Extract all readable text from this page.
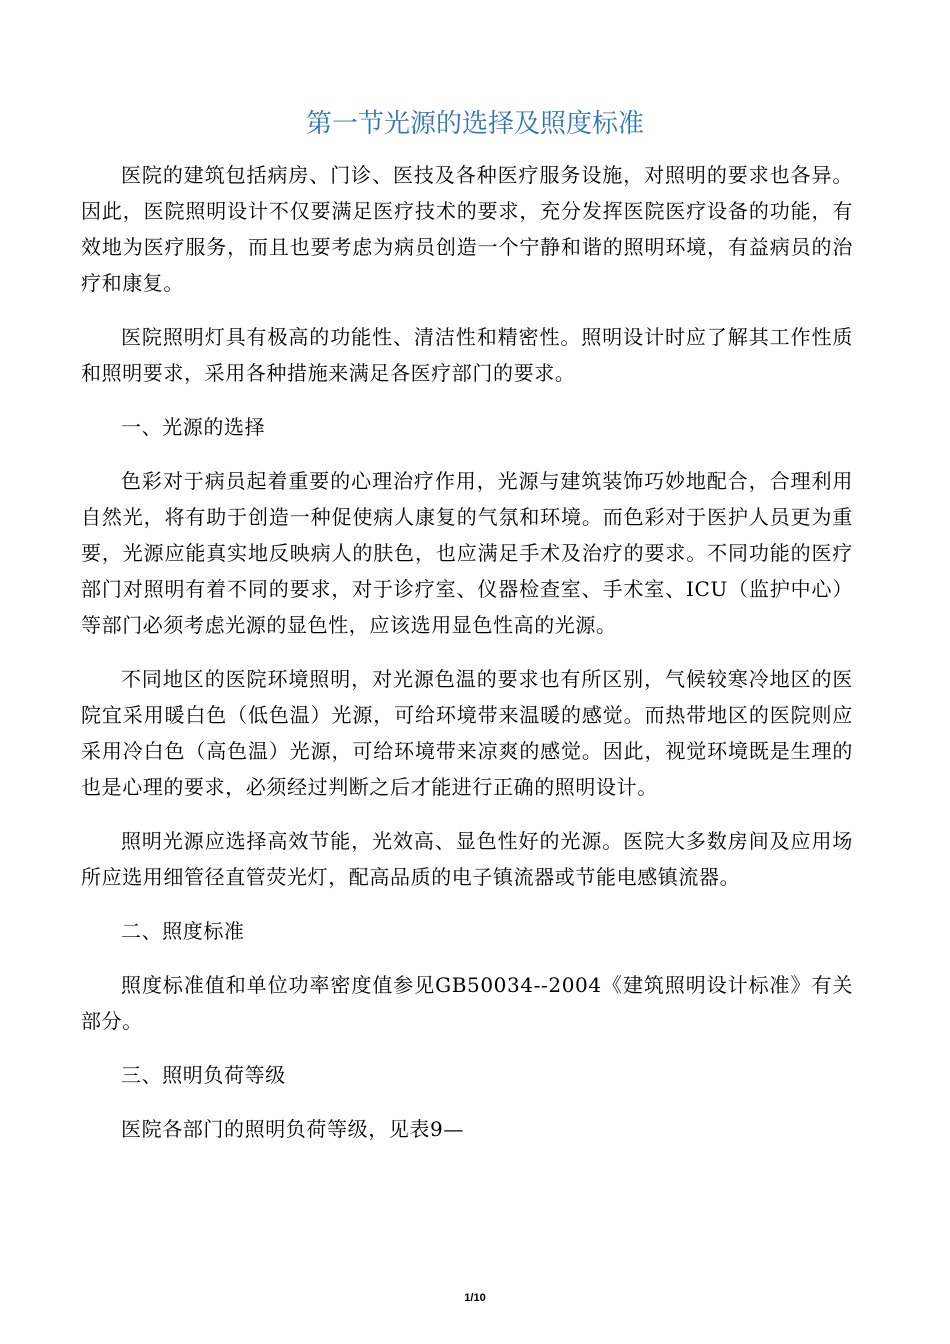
第一节光源的选择及照度标准

医院的建筑包括病房、门诊、医技及各种医疗服务设施，对照明的要求也各异。因此，医院照明设计不仅要满足医疗技术的要求，充分发挥医院医疗设备的功能，有效地为医疗服务，而且也要考虑为病员创造一个宁静和谐的照明环境，有益病员的治疗和康复。

医院照明灯具有极高的功能性、清洁性和精密性。照明设计时应了解其工作性质和照明要求，采用各种措施来满足各医疗部门的要求。

一、光源的选择

色彩对于病员起着重要的心理治疗作用，光源与建筑装饰巧妙地配合，合理利用自然光，将有助于创造一种促使病人康复的气氛和环境。而色彩对于医护人员更为重要，光源应能真实地反映病人的肤色，也应满足手术及治疗的要求。不同功能的医疗部门对照明有着不同的要求，对于诊疗室、仪器检查室、手术室、ICU（监护中心）等部门必须考虑光源的显色性，应该选用显色性高的光源。

不同地区的医院环境照明，对光源色温的要求也有所区别，气候较寒冷地区的医院宜采用暖白色（低色温）光源，可给环境带来温暖的感觉。而热带地区的医院则应采用冷白色（高色温）光源，可给环境带来凉爽的感觉。因此，视觉环境既是生理的也是心理的要求，必须经过判断之后才能进行正确的照明设计。

照明光源应选择高效节能，光效高、显色性好的光源。医院大多数房间及应用场所应选用细管径直管荧光灯，配高品质的电子镇流器或节能电感镇流器。

二、照度标准

照度标准值和单位功率密度值参见GB50034--2004《建筑照明设计标准》有关部分。

三、照明负荷等级

医院各部门的照明负荷等级，见表9—

1/10
